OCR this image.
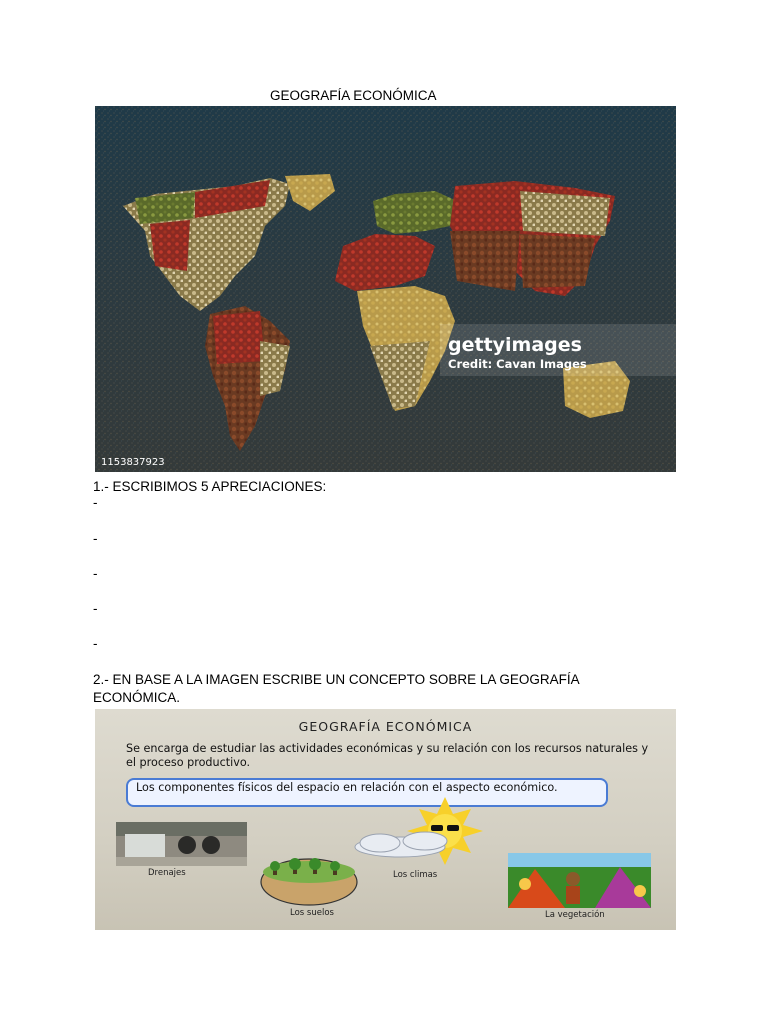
GEOGRAFÍA ECONÓMICA
gettyimages
Credit: Cavan Images
1153837923
1.- ESCRIBIMOS 5 APRECIACIONES:
-
-
-
-
-
2.- EN BASE A LA IMAGEN ESCRIBE UN CONCEPTO SOBRE LA GEOGRAFÍA ECONÓMICA.
GEOGRAFÍA ECONÓMICA
Se encarga de estudiar las actividades económicas y su relación con los recursos naturales y el proceso productivo.
Los componentes físicos del espacio en relación con el aspecto económico.
Drenajes	Los climas
Los suelos	La vegetación
